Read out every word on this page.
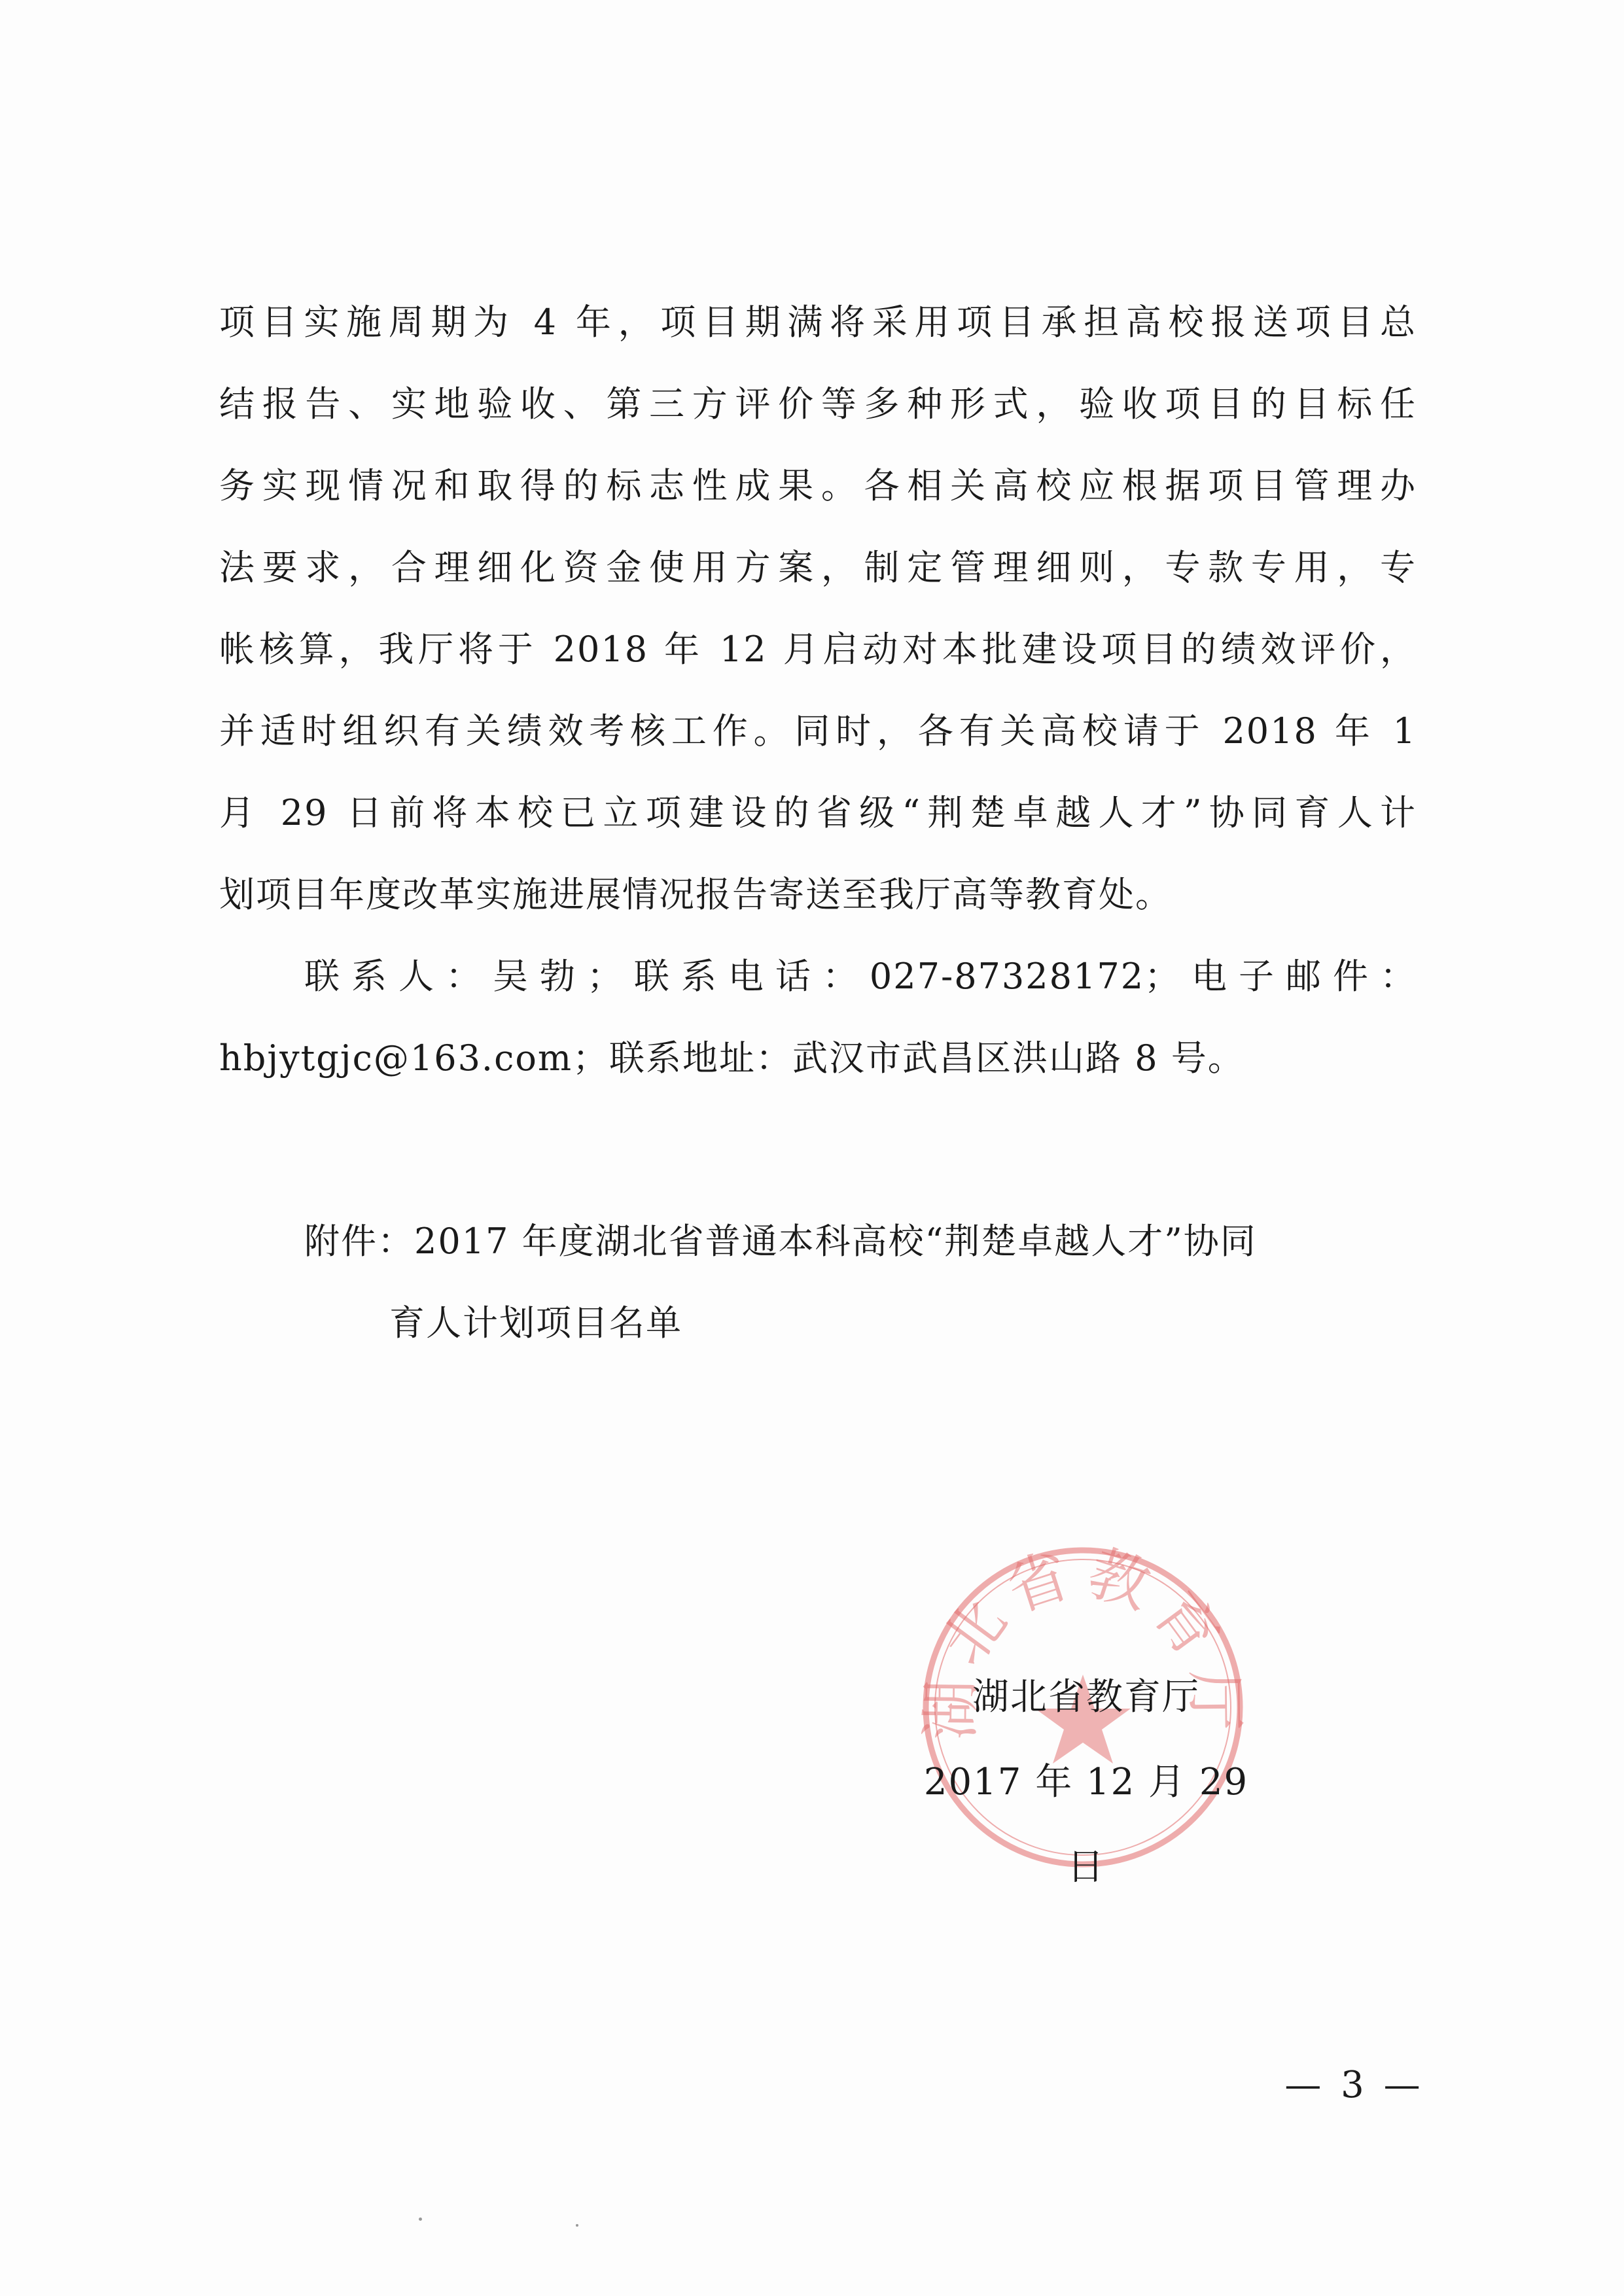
项目实施周期为 4 年，项目期满将采用项目承担高校报送项目总
结报告、实地验收、第三方评价等多种形式，验收项目的目标任
务实现情况和取得的标志性成果。各相关高校应根据项目管理办
法要求，合理细化资金使用方案，制定管理细则，专款专用，专
帐核算，我厅将于 2018 年 12 月启动对本批建设项目的绩效评价，
并适时组织有关绩效考核工作。同时，各有关高校请于 2018 年 1
月 29 日前将本校已立项建设的省级“荆楚卓越人才”协同育人计
划项目年度改革实施进展情况报告寄送至我厅高等教育处。
联系人：吴勃；联系电话：027-87328172；电子邮件：
hbjytgjc@163.com；联系地址：武汉市武昌区洪山路 8 号。
附件：2017 年度湖北省普通本科高校“荆楚卓越人才”协同
育人计划项目名单
湖北省教育厅
湖北省教育厅
2017 年 12 月 29 日
— 3 —
